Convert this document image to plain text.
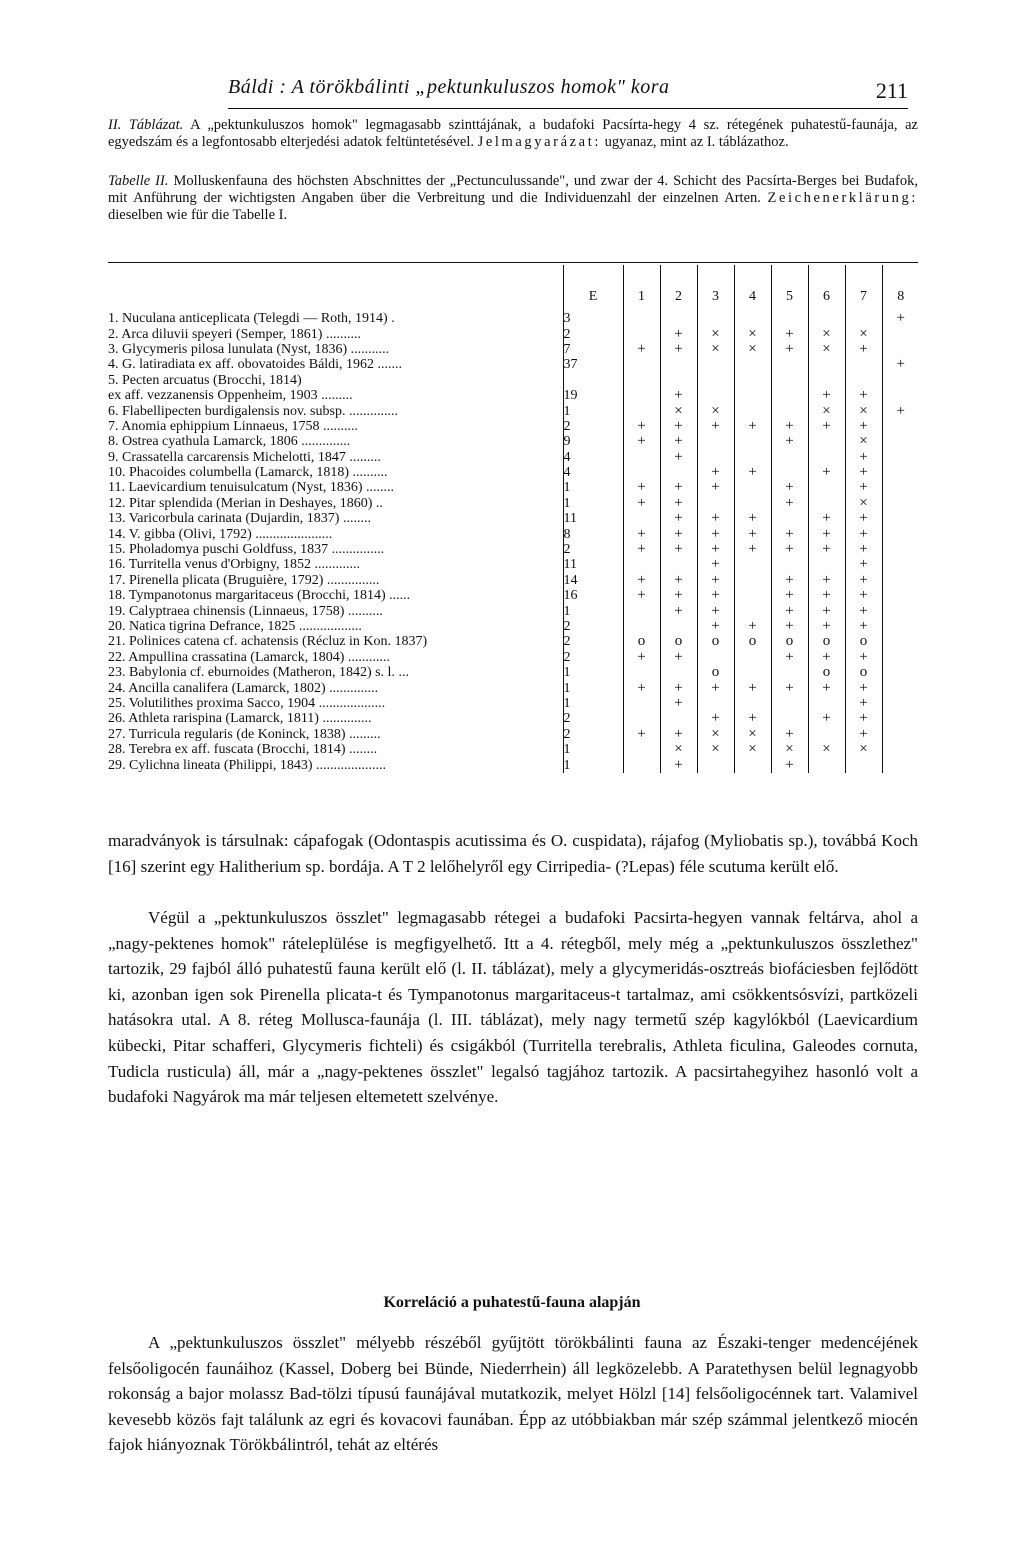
Báldi : A törökbálinti „pektunkuluszos homok" kora	211
II. Táblázat. A „pektunkuluszos homok" legmagasabb szinttájának, a budafoki Pacsírta-hegy 4 sz. rétegének puhatestű-faunája, az egyedszám és a legfontosabb elterjedési adatok feltüntetésével. Jelmagyarázat: ugyanaz, mint az I. táblázathoz.
Tabelle II. Molluskenfauna des höchsten Abschnittes der „Pectunculussande", und zwar der 4. Schicht des Pacsírta-Berges bei Budafok, mit Anführung der wichtigsten Angaben über die Verbreitung und die Individuenzahl der einzelnen Arten. Zeichenerklärung: dieselben wie für die Tabelle I.
	E	1	2	3	4	5	6	7	8
1. Nuculana anticeplicata (Telegdi — Roth, 1914) .	3								+
2. Arca diluvii speyeri (Semper, 1861) ..........	2		+	×	×	+	×	×	
3. Glycymeris pilosa lunulata (Nyst, 1836) ...........	7	+	+	×	×	+	×	+	
4. G. latiradiata ex aff. obovatoides Báldi, 1962 .......	37								+
5. Pecten arcuatus (Brocchi, 1814)									
ex aff. vezzanensis Oppenheim, 1903 .........	19		+				+	+	
6. Flabellipecten burdigalensis nov. subsp. ..............	1		×	×			×	×	+
7. Anomia ephippium Linnaeus, 1758 ..........	2	+	+	+	+	+	+	+	
8. Ostrea cyathula Lamarck, 1806 ..............	9	+	+			+		×	
9. Crassatella carcarensis Michelotti, 1847 .........	4		+					+	
10. Phacoides columbella (Lamarck, 1818) ..........	4			+	+		+	+	
11. Laevicardium tenuisulcatum (Nyst, 1836) ........	1	+	+	+		+		+	
12. Pitar splendida (Merian in Deshayes, 1860) ..	1	+	+			+		×	
13. Varicorbula carinata (Dujardin, 1837) ........	11		+	+	+		+	+	
14. V. gibba (Olivi, 1792) ......................	8	+	+	+	+	+	+	+	
15. Pholadomya puschi Goldfuss, 1837 ...............	2	+	+	+	+	+	+	+	
16. Turritella venus d'Orbigny, 1852 .............	11			+				+	
17. Pirenella plicata (Bruguière, 1792) ...............	14	+	+	+		+	+	+	
18. Tympanotonus margaritaceus (Brocchi, 1814) ......	16	+	+	+		+	+	+	
19. Calyptraea chinensis (Linnaeus, 1758) ..........	1		+	+		+	+	+	
20. Natica tigrina Defrance, 1825 ..................	2			+	+	+	+	+	
21. Polinices catena cf. achatensis (Récluz in Kon. 1837)	2	o	o	o	o	o	o	o	
22. Ampullina crassatina (Lamarck, 1804) ............	2	+	+			+	+	+	
23. Babylonia cf. eburnoides (Matheron, 1842) s. l. ...	1			o			o	o	
24. Ancilla canalifera (Lamarck, 1802) ..............	1	+	+	+	+	+	+	+	
25. Volutilithes proxima Sacco, 1904 ...................	1		+					+	
26. Athleta rarispina (Lamarck, 1811) ..............	2			+	+		+	+	
27. Turricula regularis (de Koninck, 1838) .........	2	+	+	×	×	+		+	
28. Terebra ex aff. fuscata (Brocchi, 1814) ........	1		×	×	×	×	×	×	
29. Cylichna lineata (Philippi, 1843) ....................	1		+			+			
maradványok is társulnak: cápafogak (Odontaspis acutissima és O. cuspidata), rájafog (Myliobatis sp.), továbbá Koch [16] szerint egy Halitherium sp. bordája. A T 2 lelőhelyről egy Cirripedia- (?Lepas) féle scutuma került elő.
Végül a „pektunkuluszos összlet" legmagasabb rétegei a budafoki Pacsirta-hegyen vannak feltárva, ahol a „nagy-pektenes homok" ráteleplülése is megfigyelhető. Itt a 4. rétegből, mely még a „pektunkuluszos összlethez" tartozik, 29 fajból álló puhatestű fauna került elő (l. II. táblázat), mely a glycymeridás-osztreás biofáciesben fejlődött ki, azonban igen sok Pirenella plicata-t és Tympanotonus margaritaceus-t tartalmaz, ami csökkentsósvízi, partközeli hatásokra utal. A 8. réteg Mollusca-faunája (l. III. táblázat), mely nagy termetű szép kagylókból (Laevicardium kübecki, Pitar schafferi, Glycymeris fichteli) és csigákból (Turritella terebralis, Athleta ficulina, Galeodes cornuta, Tudicla rusticula) áll, már a „nagy-pektenes összlet" legalsó tagjához tartozik. A pacsirtahegyihez hasonló volt a budafoki Nagyárok ma már teljesen eltemetett szelvénye.
Korreláció a puhatestű-fauna alapján
A „pektunkuluszos összlet" mélyebb részéből gyűjtött törökbálinti fauna az Északi-tenger medencéjének felsőoligocén faunáihoz (Kassel, Doberg bei Bünde, Niederrhein) áll legközelebb. A Paratethysen belül legnagyobb rokonság a bajor molassz Bad-tölzi típusú faunájával mutatkozik, melyet Hölzl [14] felsőoligocénnek tart. Valamivel kevesebb közös fajt találunk az egri és kovacovi faunában. Épp az utóbbiakban már szép számmal jelentkező miocén fajok hiányoznak Törökbálintról, tehát az eltérés
